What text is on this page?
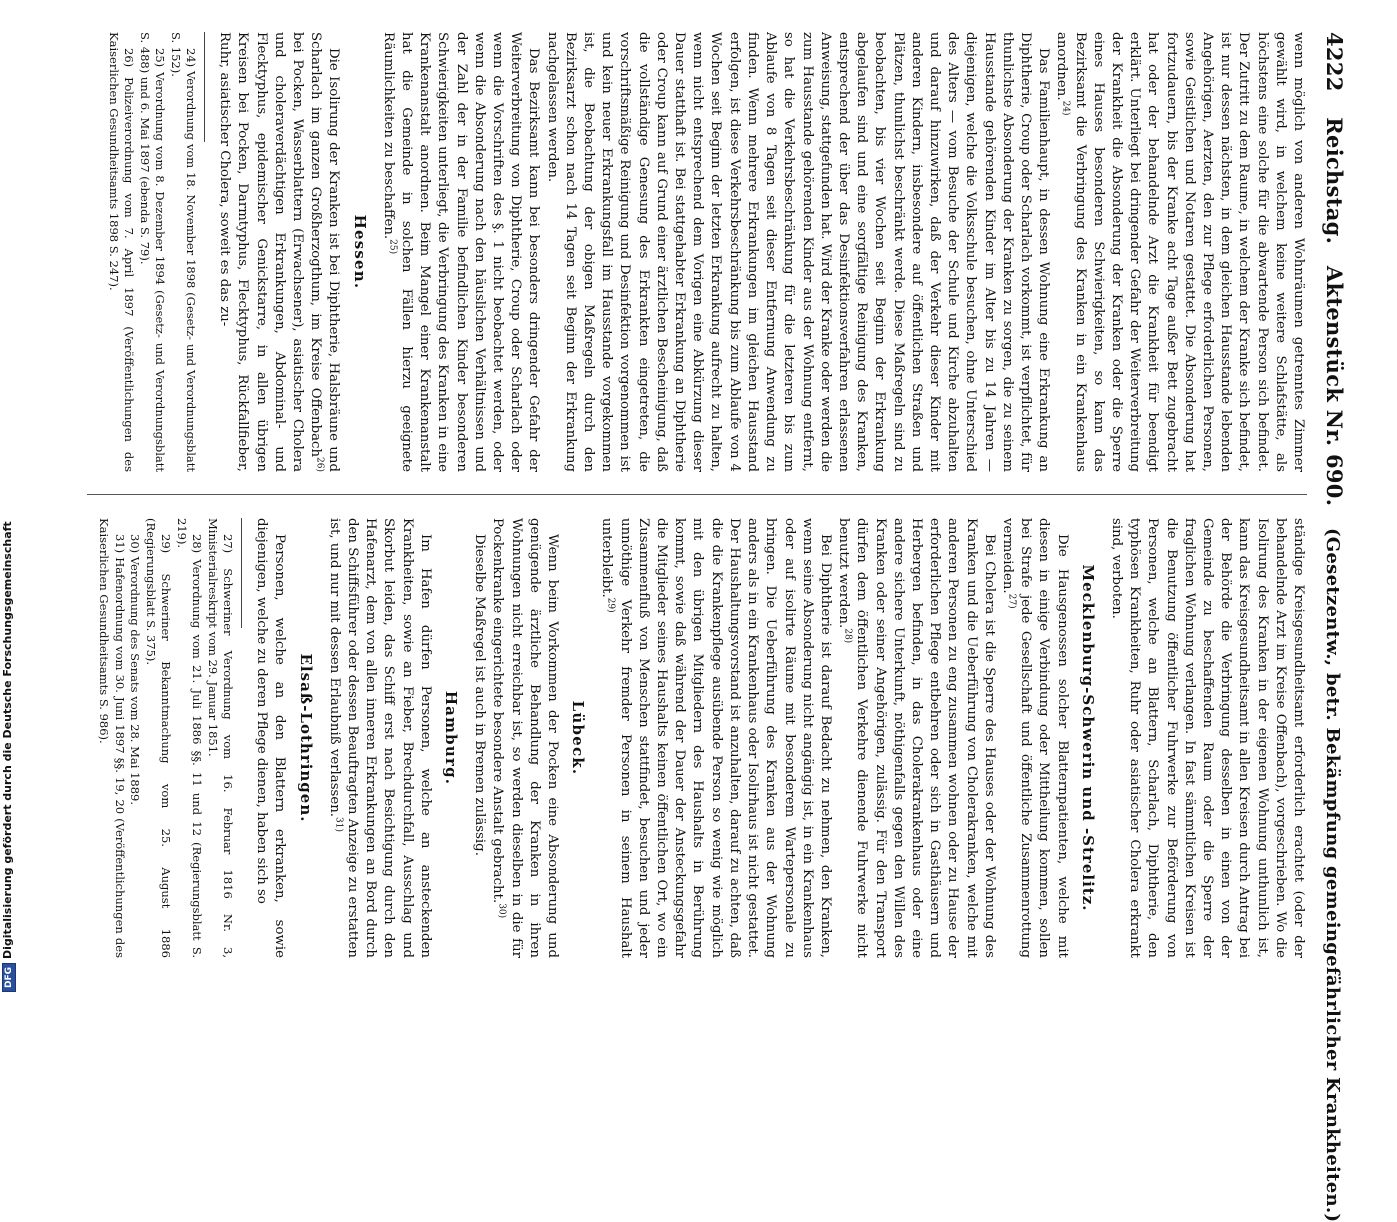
4222 Reichstag. Aktenstück Nr. 690. (Gesetzentw., betr. Bekämpfung gemeingefährlicher Krankheiten.)

wenn möglich von anderen Wohnräumen getrenntes Zimmer gewählt wird, in welchem keine weitere Schlafstätte, als höchstens eine solche für die abwartende Person sich befindet. Der Zutritt zu dem Raume, in welchem der Kranke sich befindet, ist nur dessen nächsten, in dem gleichen Hausstande lebenden Angehörigen, Aerzten, den zur Pflege erforderlichen Personen, sowie Geistlichen und Notaren gestattet. Die Absonderung hat fortzudauern, bis der Kranke acht Tage außer Bett zugebracht hat oder der behandelnde Arzt die Krankheit für beendigt erklärt. Unterliegt bei dringender Gefahr der Weiterverbreitung der Krankheit die Absonderung der Kranken oder die Sperre eines Hauses besonderen Schwierigkeiten, so kann das Bezirksamt die Verbringung des Kranken in ein Krankenhaus anordnen.$^{24)}$

Das Familienhaupt, in dessen Wohnung eine Erkrankung an Diphtherie, Croup oder Scharlach vorkommt, ist verpflichtet, für thunlichste Absonderung der Kranken zu sorgen, die zu seinem Hausstande gehörenden Kinder im Alter bis zu 14 Jahren — diejenigen, welche die Volksschule besuchen, ohne Unterschied des Alters — vom Besuche der Schule und Kirche abzuhalten und darauf hinzuwirken, daß der Verkehr dieser Kinder mit anderen Kindern, insbesondere auf öffentlichen Straßen und Plätzen, thunlichst beschränkt werde. Diese Maßregeln sind zu beobachten, bis vier Wochen seit Beginn der Erkrankung abgelaufen sind und eine sorgfältige Reinigung des Kranken, entsprechend der über das Desinfektionsverfahren erlassenen Anweisung, stattgefunden hat. Wird der Kranke oder werden die zum Hausstande gehörenden Kinder aus der Wohnung entfernt, so hat die Verkehrsbeschränkung für die letzteren bis zum Ablaufe von 8 Tagen seit dieser Entfernung Anwendung zu finden. Wenn mehrere Erkrankungen im gleichen Hausstand erfolgen, ist diese Verkehrsbeschränkung bis zum Ablaufe von 4 Wochen seit Beginn der letzten Erkrankung aufrecht zu halten, wenn nicht entsprechend dem Vorigen eine Abkürzung dieser Dauer statthaft ist. Bei stattgehabter Erkrankung an Diphtherie oder Croup kann auf Grund einer ärztlichen Bescheinigung, daß die vollständige Genesung des Erkrankten eingetreten, die vorschriftsmäßige Reinigung und Desinfektion vorgenommen ist und kein neuer Erkrankungsfall im Hausstande vorgekommen ist, die Beobachtung der obigen Maßregeln durch den Bezirksarzt schon nach 14 Tagen seit Beginn der Erkrankung nachgelassen werden.

Das Bezirksamt kann bei besonders dringender Gefahr der Weiterverbreitung von Diphtherie, Croup oder Scharlach oder wenn die Vorschriften des §. 1 nicht beobachtet werden, oder wenn die Absonderung nach den häuslichen Verhältnissen und der Zahl der in der Familie befindlichen Kinder besonderen Schwierigkeiten unterliegt, die Verbringung des Kranken in eine Krankenanstalt anordnen. Beim Mangel einer Krankenanstalt hat die Gemeinde in solchen Fällen hierzu geeignete Räumlichkeiten zu beschaffen.$^{25)}$

Hessen.

Die Isolirung der Kranken ist bei Diphtherie, Halsbräune und Scharlach im ganzen Großherzogthum, im Kreise Offenbach$^{26)}$ bei Pocken, Wasserblattern (Erwachsener), asiatischer Cholera und choleraverdächtigen Erkrankungen, Abdominal- und Flecktyphus, epidemischer Genickstarre, in allen übrigen Kreisen bei Pocken, Darmtyphus, Flecktyphus, Rückfallfieber, Ruhr, asiatischer Cholera, soweit es das zu-

24) Verordnung vom 18. November 1898 (Gesetz- und Verordnungsblatt S. 152).

25) Verordnung vom 8. Dezember 1894 (Gesetz- und Verordnungsblatt S. 488) und 6. Mai 1897 (ebenda S. 79).

26) Polizeiverordnung vom 7. April 1897 (Veröffentlichungen des Kaiserlichen Gesundheitsamts 1898 S. 247).

ständige Kreisgesundheitsamt erforderlich erachtet (oder der behandelnde Arzt im Kreise Offenbach), vorgeschrieben. Wo die Isolirung des Kranken in der eigenen Wohnung unthunlich ist, kann das Kreisgesundheitsamt in allen Kreisen durch Antrag bei der Behörde die Verbringung desselben in einen von der Gemeinde zu beschaffenden Raum oder die Sperre der fraglichen Wohnung verlangen. In fast sämmtlichen Kreisen ist die Benutzung öffentlicher Fuhrwerke zur Beförderung von Personen, welche an Blattern, Scharlach, Diphtherie, den typhösen Krankheiten, Ruhr oder asiatischer Cholera erkrankt sind, verboten.

Mecklenburg-Schwerin und -Strelitz.

Die Hausgenossen solcher Blatternpatienten, welche mit diesen in einige Verbindung oder Mittheilung kommen, sollen bei Strafe jede Gesellschaft und öffentliche Zusammenrottung vermeiden.$^{27)}$

Bei Cholera ist die Sperre des Hauses oder der Wohnung des Kranken und die Ueberführung von Cholerakranken, welche mit anderen Personen zu eng zusammen wohnen oder zu Hause der erforderlichen Pflege entbehren oder sich in Gasthäusern und Herbergen befinden, in das Cholerakrankenhaus oder eine andere sichere Unterkunft, nöthigenfalls gegen den Willen des Kranken oder seiner Angehörigen, zulässig. Für den Transport dürfen dem öffentlichen Verkehre dienende Fuhrwerke nicht benutzt werden.$^{28)}$

Bei Diphtherie ist darauf Bedacht zu nehmen, den Kranken, wenn seine Absonderung nicht angängig ist, in ein Krankenhaus oder auf isolirte Räume mit besonderem Wartepersonale zu bringen. Die Ueberführung des Kranken aus der Wohnung anders als in ein Krankenhaus oder Isolirhaus ist nicht gestattet. Der Haushaltungsvorstand ist anzuhalten, darauf zu achten, daß die die Krankenpflege ausübende Person so wenig wie möglich mit den übrigen Mitgliedern des Haushalts in Berührung kommt, sowie daß während der Dauer der Ansteckungsgefahr die Mitglieder seines Haushalts keinen öffentlichen Ort, wo ein Zusammenfluß von Menschen stattfindet, besuchen und jeder unnöthige Verkehr fremder Personen in seinem Haushalt unterbleibt.$^{29)}$

Lübeck.

Wenn beim Vorkommen der Pocken eine Absonderung und genügende ärztliche Behandlung der Kranken in ihren Wohnungen nicht erreichbar ist, so werden dieselben in die für Pockenkranke eingerichtete besondere Anstalt gebracht.$^{30)}$

Dieselbe Maßregel ist auch in Bremen zulässig.

Hamburg.

Im Hafen dürfen Personen, welche an ansteckenden Krankheiten, sowie an Fieber, Brechdurchfall, Ausschlag und Skorbut leiden, das Schiff erst nach Besichtigung durch den Hafenarzt, dem von allen inneren Erkrankungen an Bord durch den Schiffsführer oder dessen Beauftragten Anzeige zu erstatten ist, und nur mit dessen Erlaubniß verlassen.$^{31)}$

Elsaß-Lothringen.

Personen, welche an den Blattern erkranken, sowie diejenigen, welche zu deren Pflege dienen, haben sich so

27) Schweriner Verordnung vom 16. Februar 1816 Nr. 3, Ministerialreskript vom 29. Januar 1851.

28) Verordnung vom 21. Juli 1886 §§. 11 und 12 (Regierungsblatt S. 219).

29) Schweriner Bekanntmachung vom 25. August 1886 (Regierungsblatt S. 375).

30) Verordnung des Senats vom 28. Mai 1889.

31) Hafenordnung vom 30. Juni 1897 §§. 19, 20 (Veröffentlichungen des Kaiserlichen Gesundheitsamts S. 986).

DFGDigitalisierung gefördert durch die Deutsche Forschungsgemeinschaft
